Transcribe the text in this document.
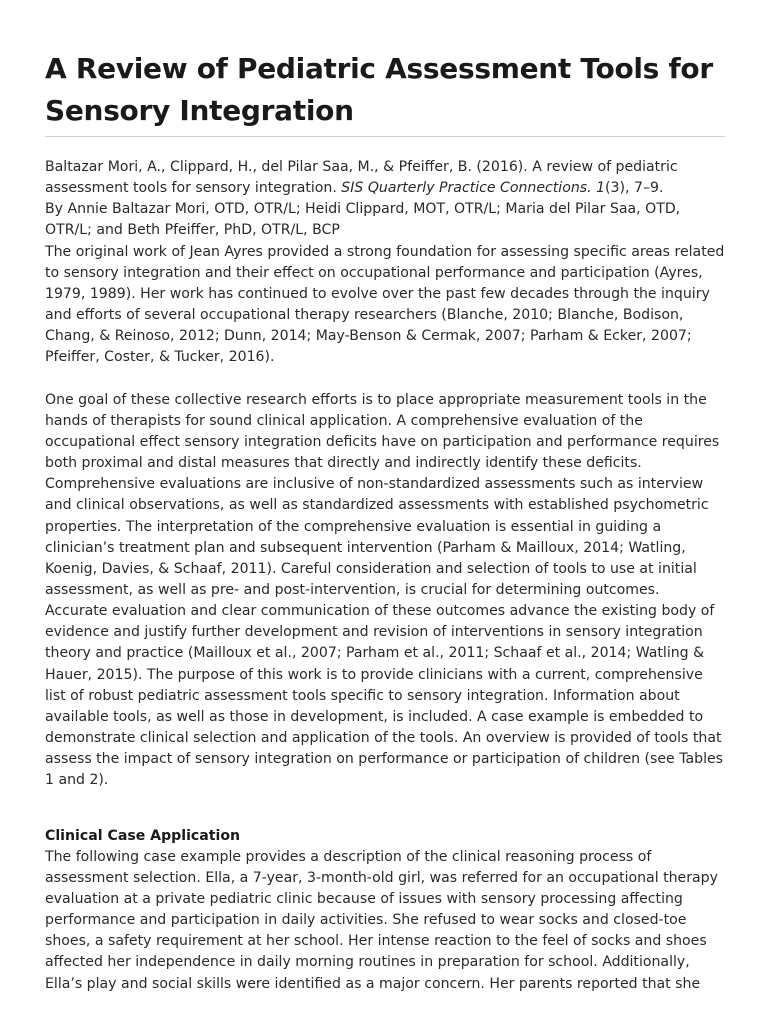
A Review of Pediatric Assessment Tools for Sensory Integration

Baltazar Mori, A., Clippard, H., del Pilar Saa, M., & Pfeiffer, B. (2016). A review of pediatric assessment tools for sensory integration. SIS Quarterly Practice Connections. 1(3), 7–9.

By Annie Baltazar Mori, OTD, OTR/L; Heidi Clippard, MOT, OTR/L; Maria del Pilar Saa, OTD, OTR/L; and Beth Pfeiffer, PhD, OTR/L, BCP

The original work of Jean Ayres provided a strong foundation for assessing specific areas related to sensory integration and their effect on occupational performance and participation (Ayres, 1979, 1989). Her work has continued to evolve over the past few decades through the inquiry and efforts of several occupational therapy researchers (Blanche, 2010; Blanche, Bodison, Chang, & Reinoso, 2012; Dunn, 2014; May-Benson & Cermak, 2007; Parham & Ecker, 2007; Pfeiffer, Coster, & Tucker, 2016).

One goal of these collective research efforts is to place appropriate measurement tools in the hands of therapists for sound clinical application. A comprehensive evaluation of the occupational effect sensory integration deficits have on participation and performance requires both proximal and distal measures that directly and indirectly identify these deficits. Comprehensive evaluations are inclusive of non-standardized assessments such as interview and clinical observations, as well as standardized assessments with established psychometric properties. The interpretation of the comprehensive evaluation is essential in guiding a clinician’s treatment plan and subsequent intervention (Parham & Mailloux, 2014; Watling, Koenig, Davies, & Schaaf, 2011). Careful consideration and selection of tools to use at initial assessment, as well as pre- and post-intervention, is crucial for determining outcomes. Accurate evaluation and clear communication of these outcomes advance the existing body of evidence and justify further development and revision of interventions in sensory integration theory and practice (Mailloux et al., 2007; Parham et al., 2011; Schaaf et al., 2014; Watling & Hauer, 2015). The purpose of this work is to provide clinicians with a current, comprehensive list of robust pediatric assessment tools specific to sensory integration. Information about available tools, as well as those in development, is included. A case example is embedded to demonstrate clinical selection and application of the tools. An overview is provided of tools that assess the impact of sensory integration on performance or participation of children (see Tables 1 and 2).

Clinical Case Application

The following case example provides a description of the clinical reasoning process of assessment selection. Ella, a 7-year, 3-month-old girl, was referred for an occupational therapy evaluation at a private pediatric clinic because of issues with sensory processing affecting performance and participation in daily activities. She refused to wear socks and closed-toe shoes, a safety requirement at her school. Her intense reaction to the feel of socks and shoes affected her independence in daily morning routines in preparation for school. Additionally, Ella’s play and social skills were identified as a major concern. Her parents reported that she
